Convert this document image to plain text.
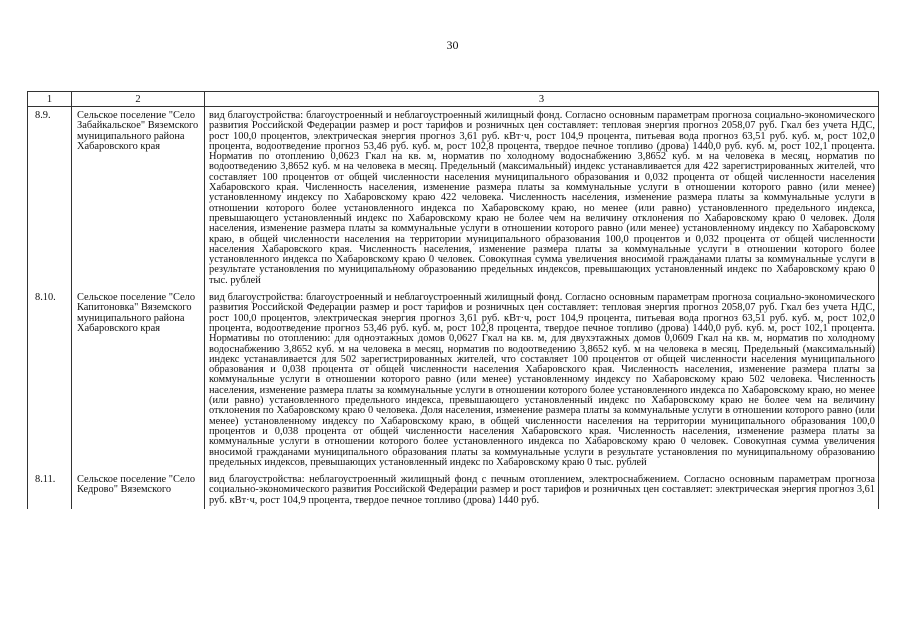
30
1	2	3
8.9.	Сельское поселение "Село Забайкальское" Вяземского муниципального района Хабаровского края	вид благоустройства: благоустроенный и неблагоустроенный жилищный фонд. Согласно основным параметрам прогноза социально-экономического развития Российской Федерации размер и рост тарифов и розничных цен составляет: тепловая энергия прогноз 2058,07 руб. Гкал без учета НДС, рост 100,0 процентов, электрическая энергия прогноз 3,61 руб. кВт·ч, рост 104,9 процента, питьевая вода прогноз 63,51 руб. куб. м, рост 102,0 процента, водоотведение прогноз 53,46 руб. куб. м, рост 102,8 процента, твердое печное топливо (дрова) 1440,0 руб. куб. м, рост 102,1 процента. Норматив по отоплению 0,0623 Гкал на кв. м, норматив по холодному водоснабжению 3,8652 куб. м на человека в месяц, норматив по водоотведению 3,8652 куб. м на человека в месяц. Предельный (максимальный) индекс устанавливается для 422 зарегистрированных жителей, что составляет 100 процентов от общей численности населения муниципального образования и 0,032 процента от общей численности населения Хабаровского края. Численность населения, изменение размера платы за коммунальные услуги в отношении которого равно (или менее) установленному индексу по Хабаровскому краю 422 человека. Численность населения, изменение размера платы за коммунальные услуги в отношении которого более установленного индекса по Хабаровскому краю, но менее (или равно) установленного предельного индекса, превышающего установленный индекс по Хабаровскому краю не более чем на величину отклонения по Хабаровскому краю 0 человек. Доля населения, изменение размера платы за коммунальные услуги в отношении которого равно (или менее) установленному индексу по Хабаровскому краю, в общей численности населения на территории муниципального образования 100,0 процентов и 0,032 процента от общей численности населения Хабаровского края. Численность населения, изменение размера платы за коммунальные услуги в отношении которого более установленного индекса по Хабаровскому краю 0 человек. Совокупная сумма увеличения вносимой гражданами платы за коммунальные услуги в результате установления по муниципальному образованию предельных индексов, превышающих установленный индекс по Хабаровскому краю 0 тыс. рублей
8.10.	Сельское поселение "Село Капитоновка" Вяземского муниципального района Хабаровского края	вид благоустройства: благоустроенный и неблагоустроенный жилищный фонд. Согласно основным параметрам прогноза социально-экономического развития Российской Федерации размер и рост тарифов и розничных цен составляет: тепловая энергия прогноз 2058,07 руб. Гкал без учета НДС, рост 100,0 процентов, электрическая энергия прогноз 3,61 руб. кВт·ч, рост 104,9 процента, питьевая вода прогноз 63,51 руб. куб. м, рост 102,0 процента, водоотведение прогноз 53,46 руб. куб. м, рост 102,8 процента, твердое печное топливо (дрова) 1440,0 руб. куб. м, рост 102,1 процента. Нормативы по отоплению: для одноэтажных домов 0,0627 Гкал на кв. м, для двухэтажных домов 0,0609 Гкал на кв. м, норматив по холодному водоснабжению 3,8652 куб. м на человека в месяц, норматив по водоотведению 3,8652 куб. м на человека в месяц. Предельный (максимальный) индекс устанавливается для 502 зарегистрированных жителей, что составляет 100 процентов от общей численности населения муниципального образования и 0,038 процента от общей численности населения Хабаровского края. Численность населения, изменение размера платы за коммунальные услуги в отношении которого равно (или менее) установленному индексу по Хабаровскому краю 502 человека. Численность населения, изменение размера платы за коммунальные услуги в отношении которого более установленного индекса по Хабаровскому краю, но менее (или равно) установленного предельного индекса, превышающего установленный индекс по Хабаровскому краю не более чем на величину отклонения по Хабаровскому краю 0 человека. Доля населения, изменение размера платы за коммунальные услуги в отношении которого равно (или менее) установленному индексу по Хабаровскому краю, в общей численности населения на территории муниципального образования 100,0 процентов и 0,038 процента от общей численности населения Хабаровского края. Численность населения, изменение размера платы за коммунальные услуги в отношении которого более установленного индекса по Хабаровскому краю 0 человек. Совокупная сумма увеличения вносимой гражданами муниципального образования платы за коммунальные услуги в результате установления по муниципальному образованию предельных индексов, превышающих установленный индекс по Хабаровскому краю 0 тыс. рублей
8.11.	Сельское поселение "Село Кедрово" Вяземского	вид благоустройства: неблагоустроенный жилищный фонд с печным отоплением, электроснабжением. Согласно основным параметрам прогноза социально-экономического развития Российской Федерации размер и рост тарифов и розничных цен составляет: электрическая энергия прогноз 3,61 руб. кВт·ч, рост 104,9 процента, твердое печное топливо (дрова) 1440 руб.
